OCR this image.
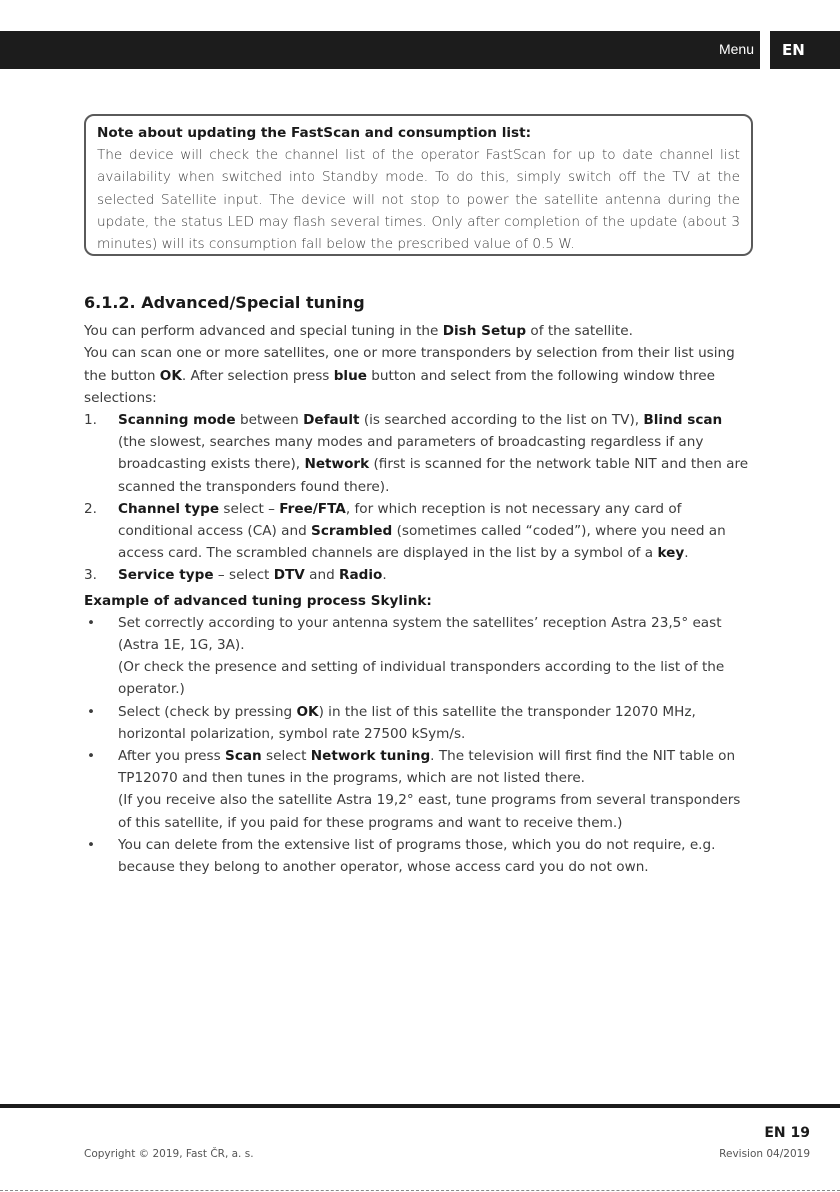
Menu	EN
Note about updating the FastScan and consumption list:
The device will check the channel list of the operator FastScan for up to date channel list availability when switched into Standby mode. To do this, simply switch off the TV at the selected Satellite input. The device will not stop to power the satellite antenna during the update, the status LED may flash several times. Only after completion of the update (about 3 minutes) will its consumption fall below the prescribed value of 0.5 W.
6.1.2. Advanced/Special tuning

You can perform advanced and special tuning in the Dish Setup of the satellite.

You can scan one or more satellites, one or more transponders by selection from their list using the button OK. After selection press blue button and select from the following window three selections:

1. Scanning mode between Default (is searched according to the list on TV), Blind scan (the slowest, searches many modes and parameters of broadcasting regardless if any broadcasting exists there), Network (first is scanned for the network table NIT and then are scanned the transponders found there).
2. Channel type select – Free/FTA, for which reception is not necessary any card of conditional access (CA) and Scrambled (sometimes called “coded”), where you need an access card. The scrambled channels are displayed in the list by a symbol of a key.
3. Service type – select DTV and Radio.
Example of advanced tuning process Skylink:
• Set correctly according to your antenna system the satellites’ reception Astra 23,5° east (Astra 1E, 1G, 3A).
(Or check the presence and setting of individual transponders according to the list of the operator.)
• Select (check by pressing OK) in the list of this satellite the transponder 12070 MHz, horizontal polarization, symbol rate 27500 kSym/s.
• After you press Scan select Network tuning. The television will first find the NIT table on TP12070 and then tunes in the programs, which are not listed there.
(If you receive also the satellite Astra 19,2° east, tune programs from several transponders of this satellite, if you paid for these programs and want to receive them.)
• You can delete from the extensive list of programs those, which you do not require, e.g. because they belong to another operator, whose access card you do not own.
EN 19
Copyright © 2019, Fast ČR, a. s.	Revision 04/2019
